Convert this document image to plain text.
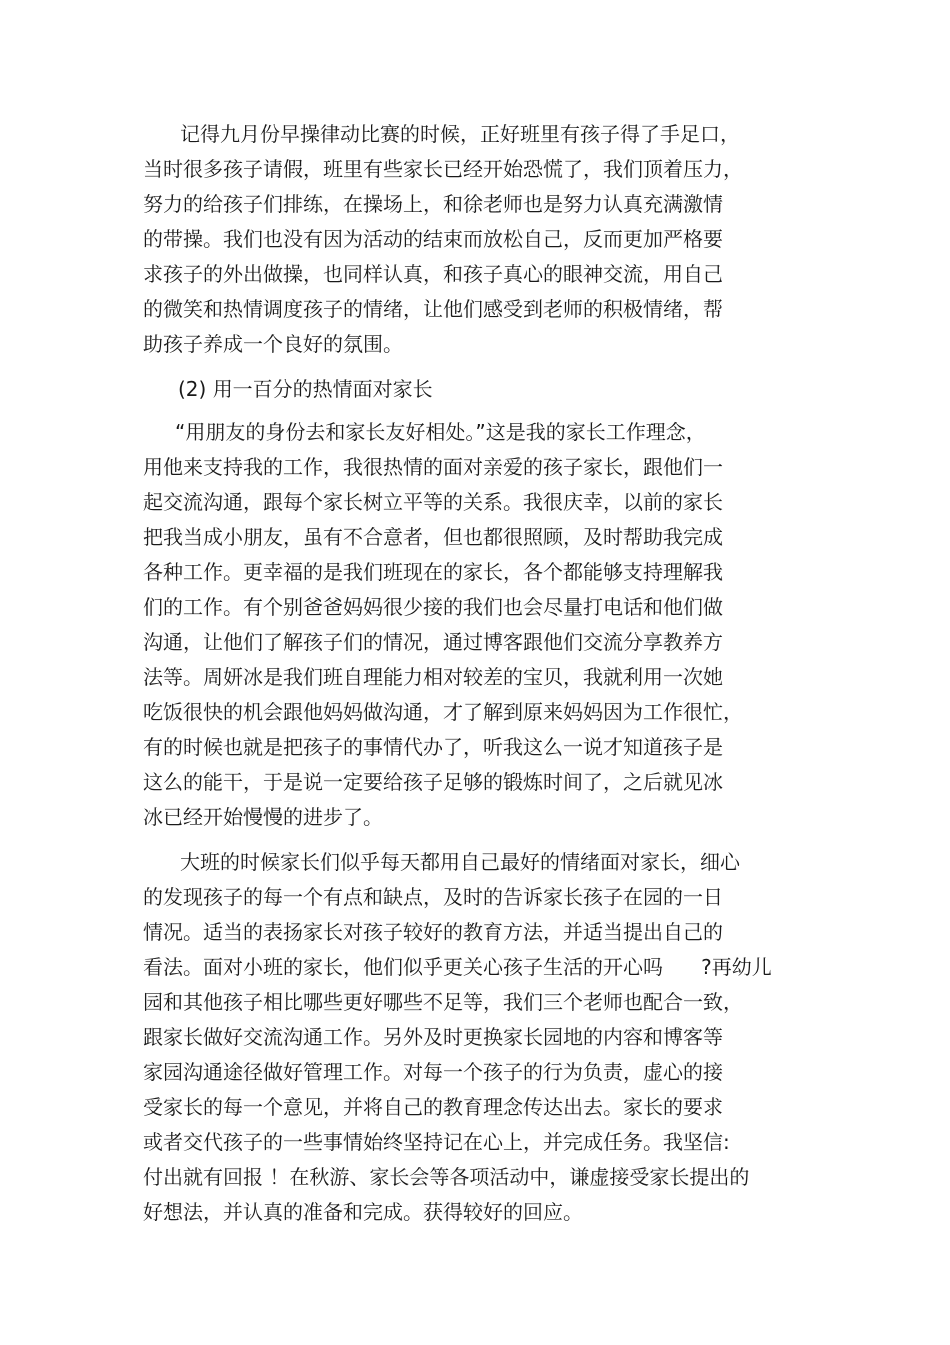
记得九月份早操律动比赛的时候，正好班里有孩子得了手足口，
当时很多孩子请假，班里有些家长已经开始恐慌了，我们顶着压力，
努力的给孩子们排练，在操场上，和徐老师也是努力认真充满激情
的带操。我们也没有因为活动的结束而放松自己，反而更加严格要
求孩子的外出做操，也同样认真，和孩子真心的眼神交流，用自己
的微笑和热情调度孩子的情绪，让他们感受到老师的积极情绪，帮
助孩子养成一个良好的氛围。
(2) 用一百分的热情面对家长
“用朋友的身份去和家长友好相处。”这是我的家长工作理念，
用他来支持我的工作，我很热情的面对亲爱的孩子家长，跟他们一
起交流沟通，跟每个家长树立平等的关系。我很庆幸，以前的家长
把我当成小朋友，虽有不合意者，但也都很照顾，及时帮助我完成
各种工作。更幸福的是我们班现在的家长，各个都能够支持理解我
们的工作。有个别爸爸妈妈很少接的我们也会尽量打电话和他们做
沟通，让他们了解孩子们的情况，通过博客跟他们交流分享教养方
法等。周妍冰是我们班自理能力相对较差的宝贝，我就利用一次她
吃饭很快的机会跟他妈妈做沟通，才了解到原来妈妈因为工作很忙，
有的时候也就是把孩子的事情代办了，听我这么一说才知道孩子是
这么的能干，于是说一定要给孩子足够的锻炼时间了，之后就见冰
冰已经开始慢慢的进步了。
大班的时候家长们似乎每天都用自己最好的情绪面对家长，细心
的发现孩子的每一个有点和缺点，及时的告诉家长孩子在园的一日
情况。适当的表扬家长对孩子较好的教育方法，并适当提出自己的
看法。面对小班的家长，他们似乎更关心孩子生活的开心吗      ?再幼儿
园和其他孩子相比哪些更好哪些不足等，我们三个老师也配合一致，
跟家长做好交流沟通工作。另外及时更换家长园地的内容和博客等
家园沟通途径做好管理工作。对每一个孩子的行为负责，虚心的接
受家长的每一个意见，并将自己的教育理念传达出去。家长的要求
或者交代孩子的一些事情始终坚持记在心上，并完成任务。我坚信:
付出就有回报 ！在秋游、家长会等各项活动中，谦虚接受家长提出的
好想法，并认真的准备和完成。获得较好的回应。
